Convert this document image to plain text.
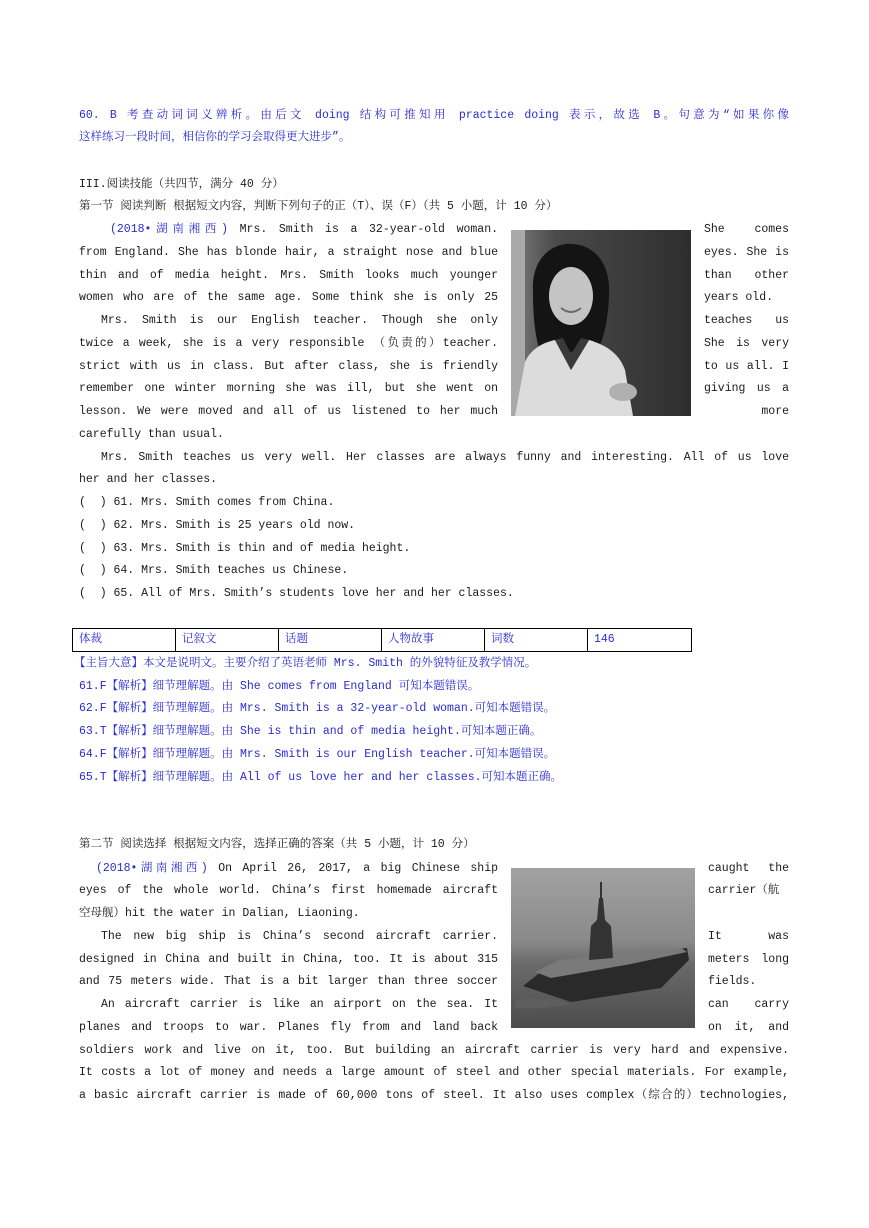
60. B 考查动词词义辨析。由后文 doing 结构可推知用 practice doing 表示，故选 B。句意为“如果你像
这样练习一段时间，相信你的学习会取得更大进步”。
III.阅读技能（共四节，满分 40 分）
第一节 阅读判断 根据短文内容，判断下列句子的正（T）、误（F）（共 5 小题，计 10 分）
(2018•湖南湘西) Mrs. Smith is a 32-year-old woman.
from England. She has blonde hair, a straight nose and blue
thin and of media height. Mrs. Smith looks much younger
women who are of the same age. Some think she is only 25
Mrs. Smith is our English teacher. Though she only
twice a week, she is a very responsible （负责的）teacher.
strict with us in class. But after class, she is friendly
remember one winter morning she was ill, but she went on
lesson. We were moved and all of us listened to her much
She comes
eyes. She is
than other
years old.
teaches us
She is very
to us all. I
giving us a
more
carefully than usual.
Mrs. Smith teaches us very well. Her classes are always funny and interesting. All of us love
her and her classes.
(  ) 61. Mrs. Smith comes from China.
(  ) 62. Mrs. Smith is 25 years old now.
(  ) 63. Mrs. Smith is thin and of media height.
(  ) 64. Mrs. Smith teaches us Chinese.
(  ) 65. All of Mrs. Smith’s students love her and her classes.
体裁	记叙文	话题	人物故事	词数	146
【主旨大意】本文是说明文。主要介绍了英语老师 Mrs. Smith 的外貌特征及教学情况。
61.F【解析】细节理解题。由 She comes from England 可知本题错误。
62.F【解析】细节理解题。由 Mrs. Smith is a 32-year-old woman.可知本题错误。
63.T【解析】细节理解题。由 She is thin and of media height.可知本题正确。
64.F【解析】细节理解题。由 Mrs. Smith is our English teacher.可知本题错误。
65.T【解析】细节理解题。由 All of us love her and her classes.可知本题正确。
第二节 阅读选择 根据短文内容，选择正确的答案（共 5 小题，计 10 分）
(2018•湖南湘西) On April 26, 2017, a big Chinese ship
eyes of the whole world. China’s first homemade aircraft
空母舰）hit the water in Dalian, Liaoning.
The new big ship is China’s second aircraft carrier.
designed in China and built in China, too. It is about 315
and 75 meters wide. That is a bit larger than three soccer
An aircraft carrier is like an airport on the sea. It
planes and troops to war. Planes fly from and land back
caught the
carrier（航
It was
meters long
fields.
can carry
on it, and
soldiers work and live on it, too. But building an aircraft carrier is very hard and expensive.
It costs a lot of money and needs a large amount of steel and other special materials. For example,
a basic aircraft carrier is made of 60,000 tons of steel. It also uses complex（综合的）technologies,
